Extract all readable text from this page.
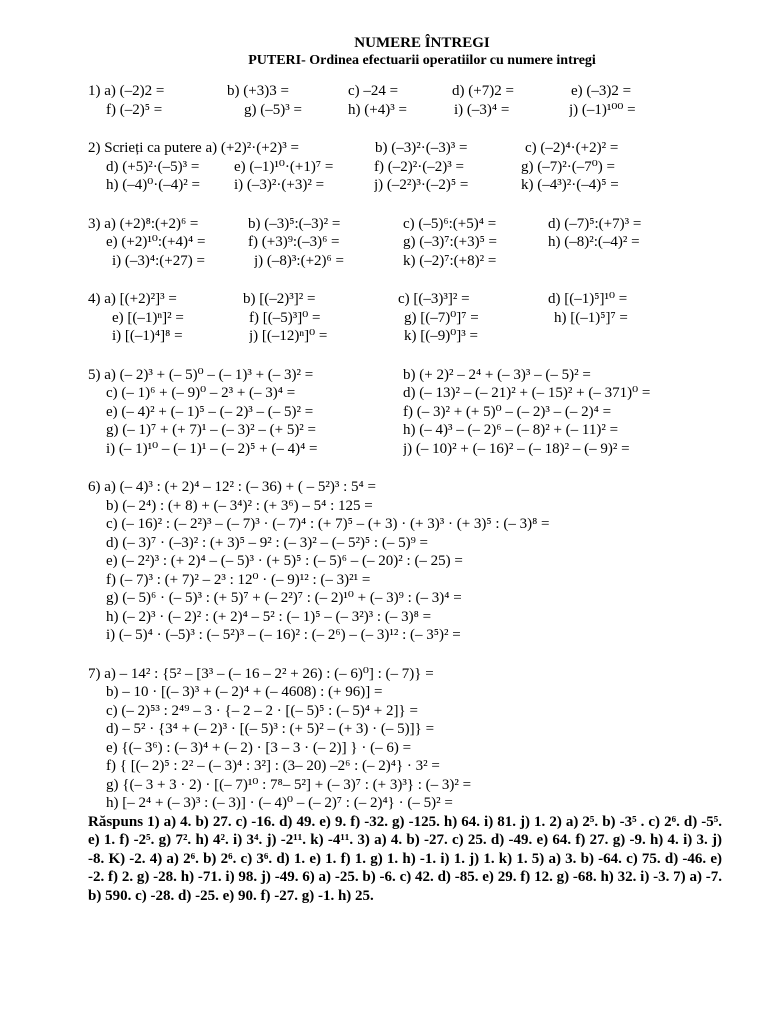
NUMERE ÎNTREGI
PUTERI- Ordinea efectuarii operatiilor cu numere intregi
1) a) (–2)2 =	b) (+3)3 =	c) –24 =	d) (+7)2 =	e) (–3)2 =
f) (–2)⁵ =	g) (–5)³ =	h) (+4)³ =	i) (–3)⁴ =	j) (–1)¹⁰⁰ =
2) Scrieți ca putere a) (+2)²·(+2)³ =	b) (–3)²·(–3)³ =	c) (–2)⁴·(+2)² =
d) (+5)²·(–5)³ =	e) (–1)¹⁰·(+1)⁷ =	f) (–2)²·(–2)³ =	g) (–7)²·(–7⁰) =
h) (–4)⁰·(–4)² =	i) (–3)²·(+3)² =	j) (–2²)³·(–2)⁵ =	k) (–4³)²·(–4)⁵ =
3) a) (+2)⁸:(+2)⁶ =	b) (–3)⁵:(–3)² =	c) (–5)⁶:(+5)⁴ =	d) (–7)⁵:(+7)³ =
e) (+2)¹⁰:(+4)⁴ =	f) (+3)⁹:(–3)⁶ =	g) (–3)⁷:(+3)⁵ =	h) (–8)²:(–4)² =
i) (–3)⁴:(+27) =	j) (–8)³:(+2)⁶ =	k) (–2)⁷:(+8)² =
4) a) [(+2)²]³ =	b) [(–2)³]² =	c) [(–3)³]² =	d) [(–1)⁵]¹⁰ =
e) [(–1)ⁿ]² =	f) [(–5)³]⁰ =	g) [(–7)⁰]⁷ =	h) [(–1)⁵]⁷ =
i) [(–1)⁴]⁸ =	j) [(–12)ⁿ]⁰ =	k) [(–9)⁰]³ =
5) a) (– 2)³ + (– 5)⁰ – (– 1)³ + (– 3)² =	b) (+ 2)² – 2⁴ + (– 3)³ – (– 5)² =
c) (– 1)⁶ + (– 9)⁰ – 2³ + (– 3)⁴ =	d) (– 13)² – (– 21)² + (– 15)² + (– 371)⁰ =
e) (– 4)² + (– 1)⁵ – (– 2)³ – (– 5)² =	f) (– 3)² + (+ 5)⁰ – (– 2)³ – (– 2)⁴ =
g) (– 1)⁷ + (+ 7)¹ – (– 3)² – (+ 5)² =	h) (– 4)³ – (– 2)⁶ – (– 8)² + (– 11)² =
i) (– 1)¹⁰ – (– 1)¹ – (– 2)⁵ + (– 4)⁴ =	j) (– 10)² + (– 16)² – (– 18)² – (– 9)² =
6) a) (– 4)³ : (+ 2)⁴ – 12² : (– 36) + ( – 5²)³ : 5⁴ =
b) (– 2⁴) : (+ 8) + (– 3⁴)² : (+ 3⁶) – 5⁴ : 125 =
c) (– 16)² : (– 2²)³ – (– 7)³ · (– 7)⁴ : (+ 7)⁵ – (+ 3) · (+ 3)³ · (+ 3)⁵ : (– 3)⁸ =
d) (– 3)⁷ · (–3)² : (+ 3)⁵ – 9² : (– 3)² – (– 5²)⁵ : (– 5)⁹ =
e) (– 2²)³ : (+ 2)⁴ – (– 5)³ · (+ 5)⁵ : (– 5)⁶ – (– 20)² : (– 25) =
f) (– 7)³ : (+ 7)² – 2³ : 12⁰ · (– 9)¹² : (– 3)²¹ =
g) (– 5)⁶ · (– 5)³ : (+ 5)⁷ + (– 2²)⁷ : (– 2)¹⁰ + (– 3)⁹ : (– 3)⁴ =
h) (– 2)³ · (– 2)² : (+ 2)⁴ – 5² : (– 1)⁵ – (– 3²)³ : (– 3)⁸ =
i) (– 5)⁴ · (–5)³ : (– 5²)³ – (– 16)² : (– 2⁶) – (– 3)¹² : (– 3⁵)² =
7) a) – 14² : {5² – [3³ – (– 16 – 2² + 26) : (– 6)⁰] : (– 7)} =
b) – 10 · [(– 3)³ + (– 2)⁴ + (– 4608) : (+ 96)] =
c) (– 2)⁵³ : 2⁴⁹ – 3 · {– 2 – 2 · [(– 5)⁵ : (– 5)⁴ + 2]} =
d) – 5² · {3⁴ + (– 2)³ · [(– 5)³ : (+ 5)² – (+ 3) · (– 5)]} =
e) {(– 3⁶) : (– 3)⁴ + (– 2) · [3 – 3 · (– 2)] } · (– 6) =
f) { [(– 2)⁵ : 2² – (– 3)⁴ : 3²] : (3– 20) –2⁶ : (– 2)⁴} · 3² =
g) {(– 3 + 3 · 2) · [(– 7)¹⁰ : 7⁸– 5²] + (– 3)⁷ : (+ 3)³} : (– 3)² =
h) [– 2⁴ + (– 3)³ : (– 3)] · (– 4)⁰ – (– 2)⁷ : (– 2)⁴} · (– 5)² =
Răspuns 1) a) 4. b) 27. c) -16. d) 49. e) 9. f) -32. g) -125. h) 64. i) 81. j) 1. 2) a) 2⁵. b) -3⁵ . c) 2⁶. d) -5⁵. e) 1. f) -2⁵. g) 7². h) 4². i) 3⁴. j) -2¹¹. k) -4¹¹. 3) a) 4. b) -27. c) 25. d) -49. e) 64. f) 27. g) -9. h) 4. i) 3. j) -8. K) -2. 4) a) 2⁶. b) 2⁶. c) 3⁶. d) 1. e) 1. f) 1. g) 1. h) -1. i) 1. j) 1. k) 1. 5) a) 3. b) -64. c) 75. d) -46. e) -2. f) 2. g) -28. h) -71. i) 98. j) -49. 6) a) -25. b) -6. c) 42. d) -85. e) 29. f) 12. g) -68. h) 32. i) -3. 7) a) -7. b) 590. c) -28. d) -25. e) 90. f) -27. g) -1. h) 25.
